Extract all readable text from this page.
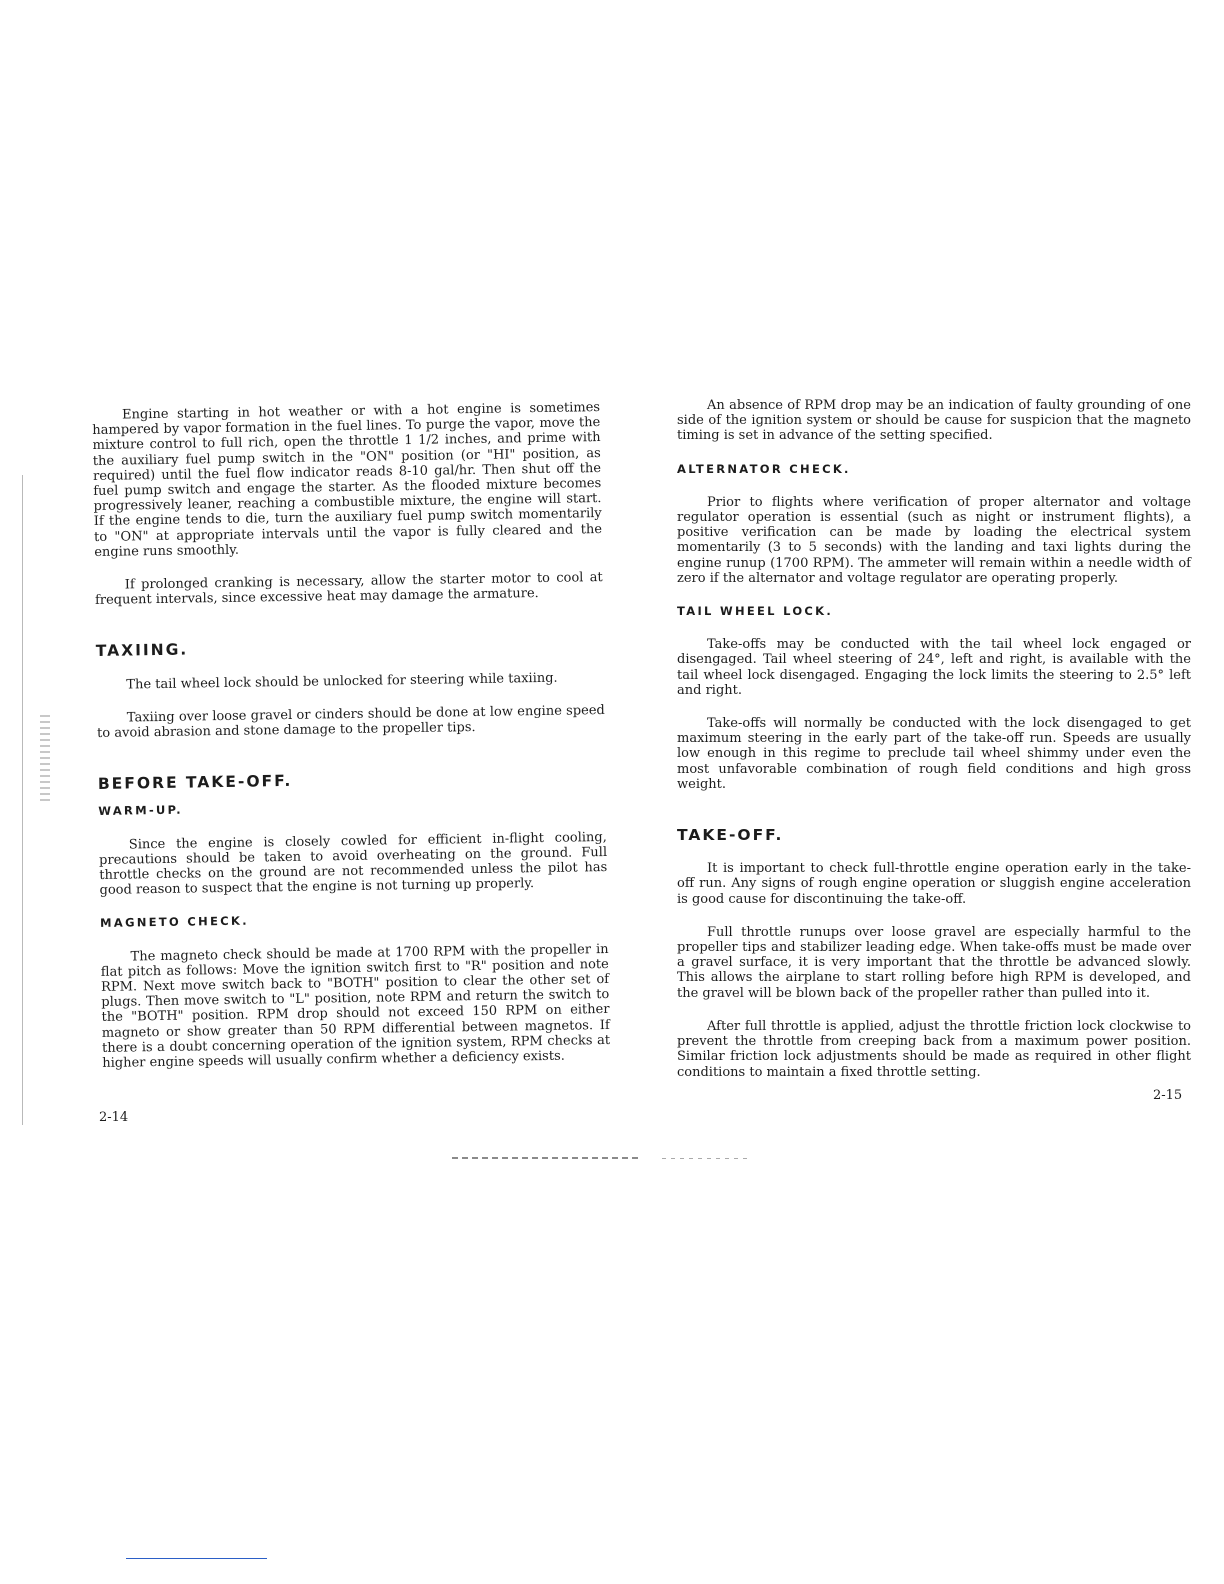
Engine starting in hot weather or with a hot engine is sometimes hampered by vapor formation in the fuel lines. To purge the vapor, move the mixture control to full rich, open the throttle 1 1/2 inches, and prime with the auxiliary fuel pump switch in the "ON" position (or "HI" position, as required) until the fuel flow indicator reads 8-10 gal/hr. Then shut off the fuel pump switch and engage the starter. As the flooded mixture becomes progressively leaner, reaching a combustible mixture, the engine will start. If the engine tends to die, turn the auxiliary fuel pump switch momentarily to "ON" at appropriate intervals until the vapor is fully cleared and the engine runs smoothly.

If prolonged cranking is necessary, allow the starter motor to cool at frequent intervals, since excessive heat may damage the armature.

TAXIING.

The tail wheel lock should be unlocked for steering while taxiing.

Taxiing over loose gravel or cinders should be done at low engine speed to avoid abrasion and stone damage to the propeller tips.

BEFORE TAKE-OFF.
WARM-UP.

Since the engine is closely cowled for efficient in-flight cooling, precautions should be taken to avoid overheating on the ground. Full throttle checks on the ground are not recommended unless the pilot has good reason to suspect that the engine is not turning up properly.

MAGNETO CHECK.

The magneto check should be made at 1700 RPM with the propeller in flat pitch as follows: Move the ignition switch first to "R" position and note RPM. Next move switch back to "BOTH" position to clear the other set of plugs. Then move switch to "L" position, note RPM and return the switch to the "BOTH" position. RPM drop should not exceed 150 RPM on either magneto or show greater than 50 RPM differential between magnetos. If there is a doubt concerning operation of the ignition system, RPM checks at higher engine speeds will usually confirm whether a deficiency exists.

2-14

An absence of RPM drop may be an indication of faulty grounding of one side of the ignition system or should be cause for suspicion that the magneto timing is set in advance of the setting specified.

ALTERNATOR CHECK.

Prior to flights where verification of proper alternator and voltage regulator operation is essential (such as night or instrument flights), a positive verification can be made by loading the electrical system momentarily (3 to 5 seconds) with the landing and taxi lights during the engine runup (1700 RPM). The ammeter will remain within a needle width of zero if the alternator and voltage regulator are operating properly.

TAIL WHEEL LOCK.

Take-offs may be conducted with the tail wheel lock engaged or disengaged. Tail wheel steering of 24°, left and right, is available with the tail wheel lock disengaged. Engaging the lock limits the steering to 2.5° left and right.

Take-offs will normally be conducted with the lock disengaged to get maximum steering in the early part of the take-off run. Speeds are usually low enough in this regime to preclude tail wheel shimmy under even the most unfavorable combination of rough field conditions and high gross weight.

TAKE-OFF.

It is important to check full-throttle engine operation early in the take-off run. Any signs of rough engine operation or sluggish engine acceleration is good cause for discontinuing the take-off.

Full throttle runups over loose gravel are especially harmful to the propeller tips and stabilizer leading edge. When take-offs must be made over a gravel surface, it is very important that the throttle be advanced slowly. This allows the airplane to start rolling before high RPM is developed, and the gravel will be blown back of the propeller rather than pulled into it.

After full throttle is applied, adjust the throttle friction lock clockwise to prevent the throttle from creeping back from a maximum power position. Similar friction lock adjustments should be made as required in other flight conditions to maintain a fixed throttle setting.

2-15
